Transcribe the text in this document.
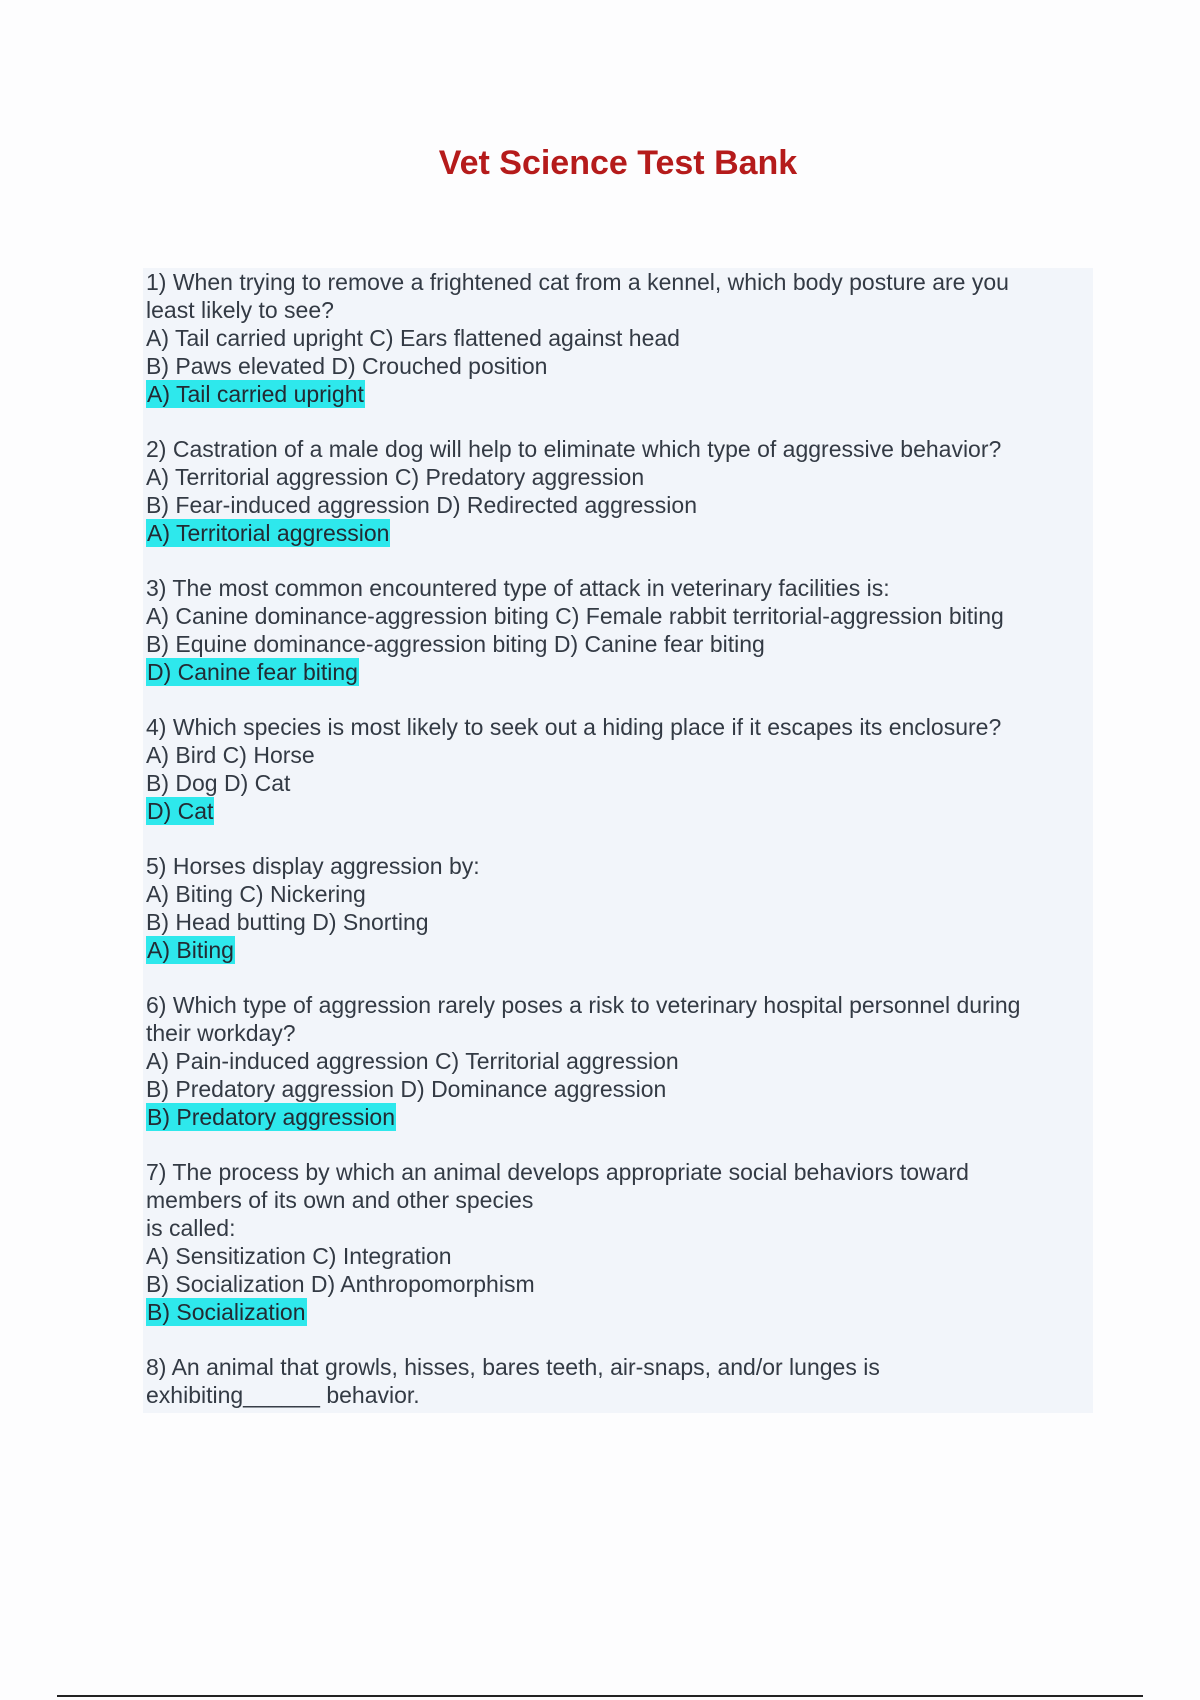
Vet Science Test Bank
1) When trying to remove a frightened cat from a kennel, which body posture are you least likely to see?
A) Tail carried upright C) Ears flattened against head
B) Paws elevated D) Crouched position
A) Tail carried upright
2) Castration of a male dog will help to eliminate which type of aggressive behavior?
A) Territorial aggression C) Predatory aggression
B) Fear-induced aggression D) Redirected aggression
A) Territorial aggression
3) The most common encountered type of attack in veterinary facilities is:
A) Canine dominance-aggression biting C) Female rabbit territorial-aggression biting
B) Equine dominance-aggression biting D) Canine fear biting
D) Canine fear biting
4) Which species is most likely to seek out a hiding place if it escapes its enclosure?
A) Bird C) Horse
B) Dog D) Cat
D) Cat
5) Horses display aggression by:
A) Biting C) Nickering
B) Head butting D) Snorting
A) Biting
6) Which type of aggression rarely poses a risk to veterinary hospital personnel during their workday?
A) Pain-induced aggression C) Territorial aggression
B) Predatory aggression D) Dominance aggression
B) Predatory aggression
7) The process by which an animal develops appropriate social behaviors toward members of its own and other species
is called:
A) Sensitization C) Integration
B) Socialization D) Anthropomorphism
B) Socialization
8) An animal that growls, hisses, bares teeth, air-snaps, and/or lunges is exhibiting______ behavior.
